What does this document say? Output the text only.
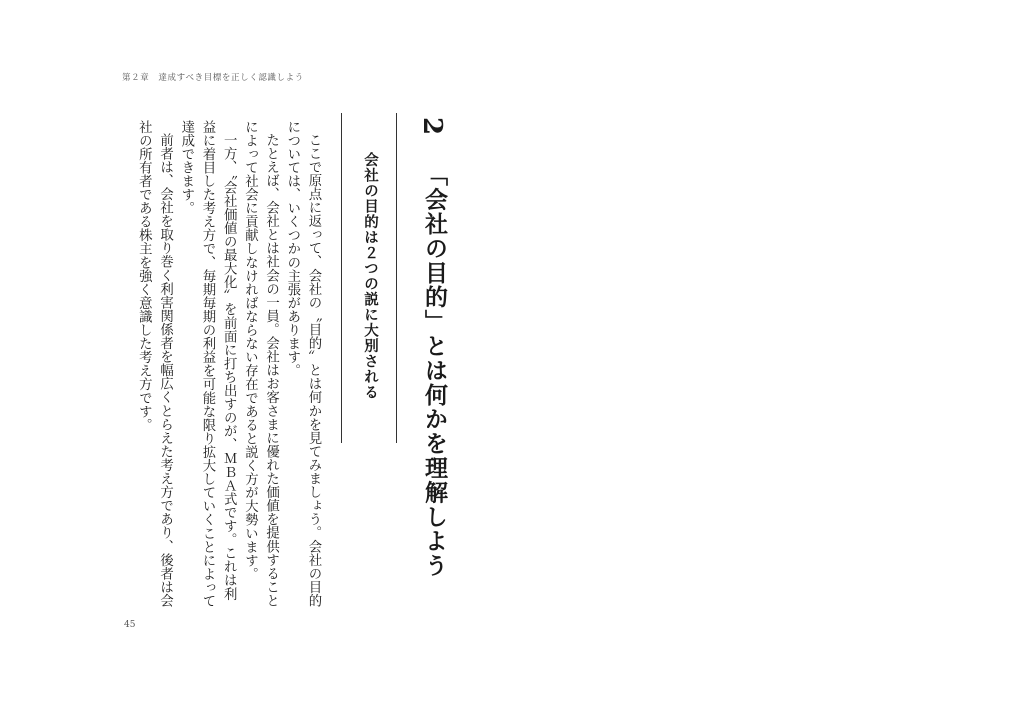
第２章　達成すべき目標を正しく認識しよう
2
「会社の目的」とは何かを理解しよう
会社の目的は２つの説に大別される

ここで原点に返って、会社の〝目的〟とは何かを見てみましょう。会社の目的については、いくつかの主張があります。

たとえば、会社とは社会の一員。会社はお客さまに優れた価値を提供することによって社会に貢献しなければならない存在であると説く方が大勢います。

一方、〝会社価値の最大化〟を前面に打ち出すのが、ＭＢＡ式です。これは利益に着目した考え方で、毎期毎期の利益を可能な限り拡大していくことによって達成できます。

前者は、会社を取り巻く利害関係者を幅広くとらえた考え方であり、後者は会社の所有者である株主を強く意識した考え方です。

45
